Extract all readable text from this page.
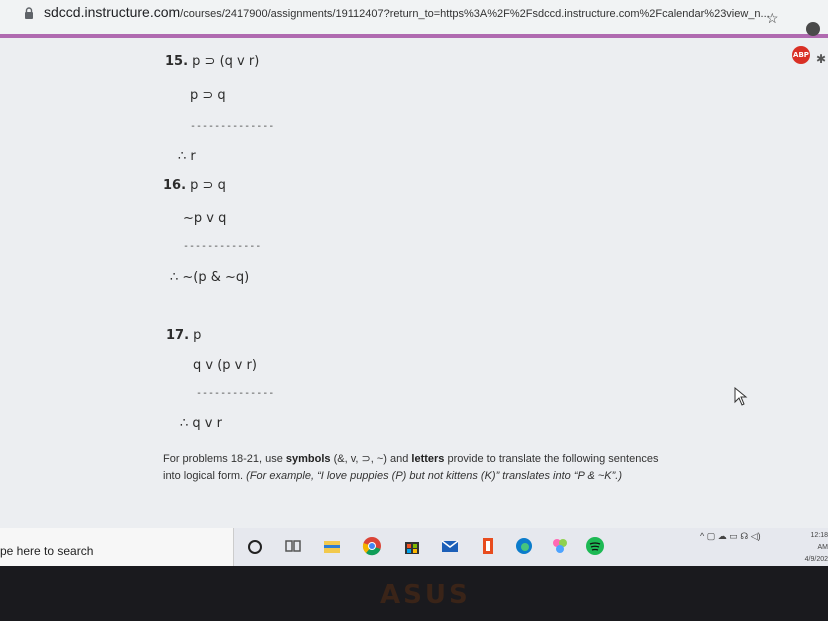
sdccd.instructure.com/courses/2417900/assignments/19112407?return_to=https%3A%2F%2Fsdccd.instructure.com%2Fcalendar%23view_n...
☆
ABP ✱
15. p ⊃ (q v r)
p ⊃ q
--------------
∴ r
16. p ⊃ q
~p v q
-------------
∴ ~(p & ~q)
17. p
q v (p v r)
-------------
∴ q v r
For problems 18-21, use symbols (&, v, ⊃, ~) and letters provide to translate the following sentences into logical form. (For example, “I love puppies (P) but not kittens (K)” translates into “P & ~K”.)
pe here to search
^ ▢ ☁ ▭ ☊ ◁)	12:18 AM
4/9/202
ASUS
